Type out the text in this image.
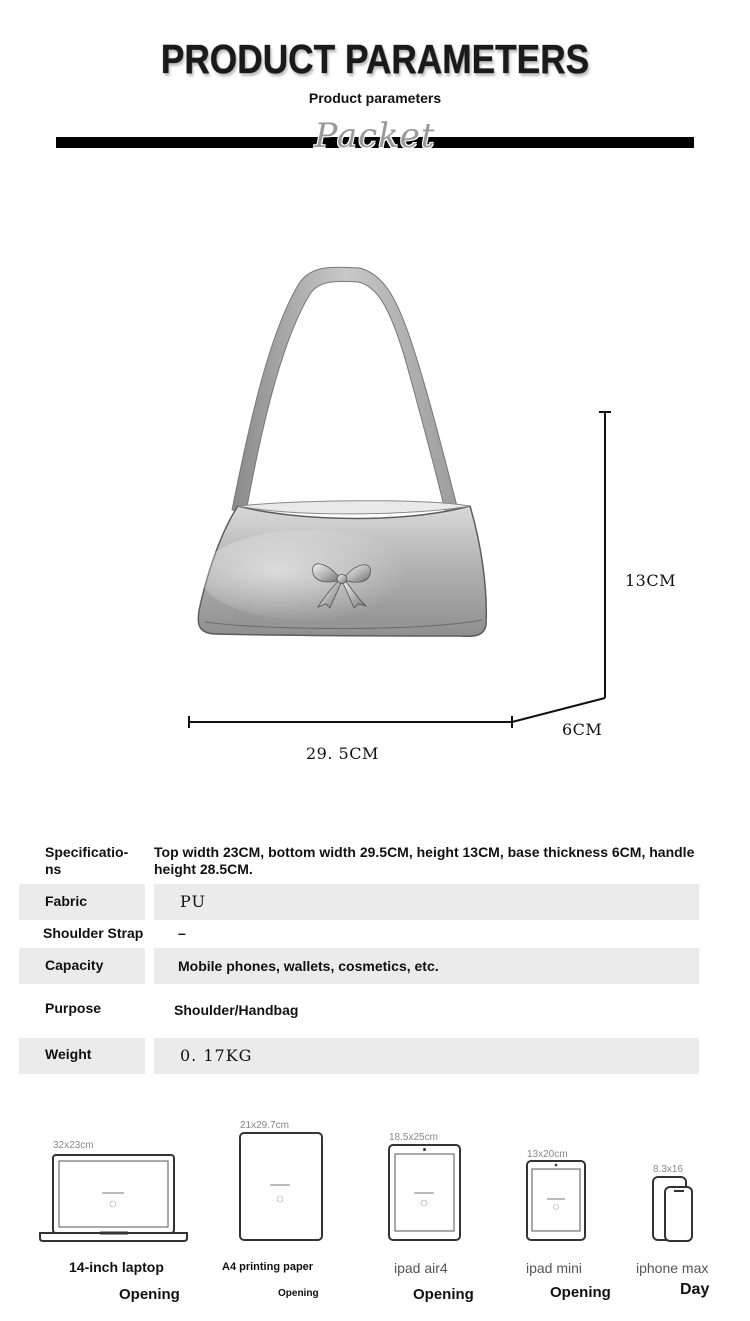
PRODUCT PARAMETERS
Product parameters
Packet
13CM
6CM
29. 5CM
Specificatio-
ns
Top width 23CM, bottom width 29.5CM, height 13CM, base thickness 6CM, handle height 28.5CM.
Fabric	PU
Shoulder Strap –
Capacity	Mobile phones, wallets, cosmetics, etc.
Purpose	Shoulder/Handbag
Weight	0. 17KG
32x23cm
21x29.7cm
18.5x25cm
13x20cm
8.3x16
14-inch laptop	A4 printing paper	ipad air4	ipad mini	iphone max
Opening	Opening	Opening	Opening	Day
